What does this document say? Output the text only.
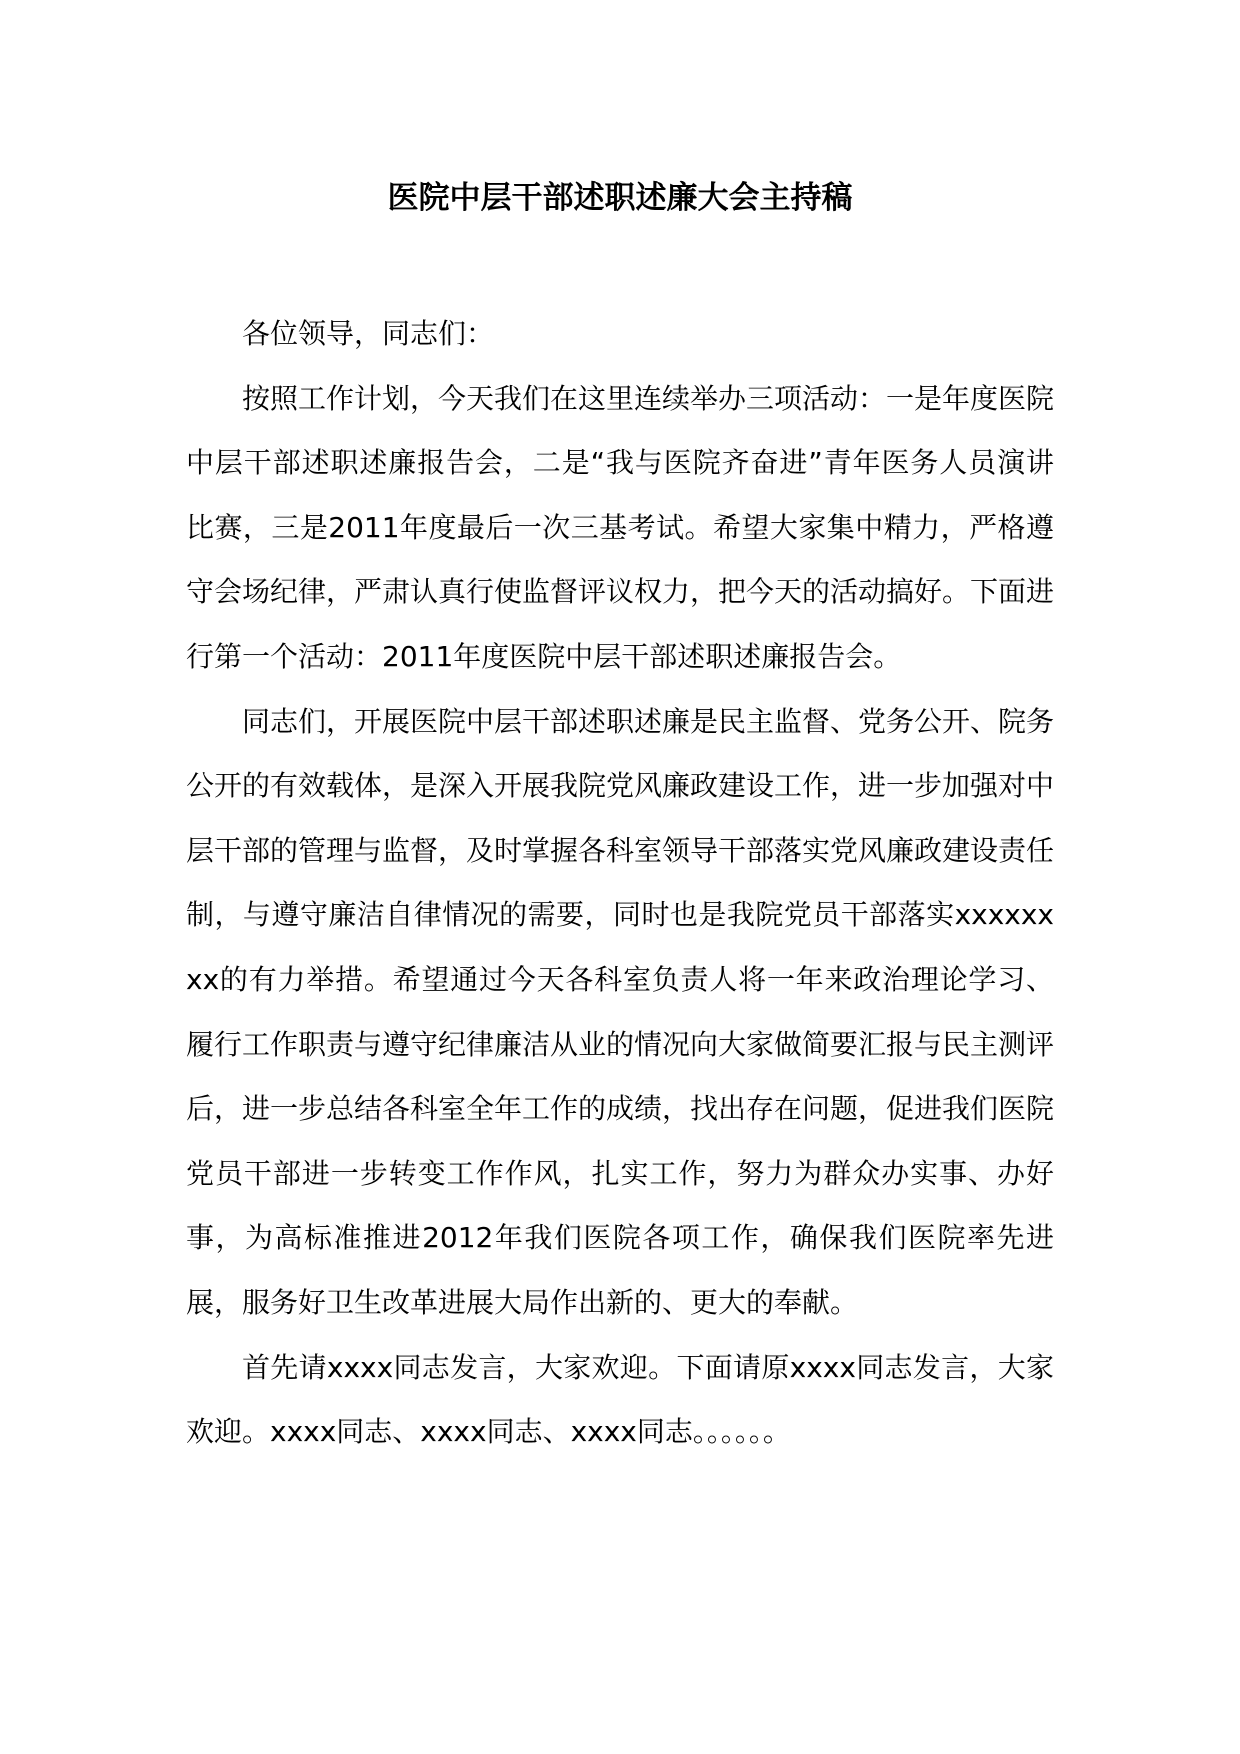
医院中层干部述职述廉大会主持稿

各位领导，同志们：

按照工作计划，今天我们在这里连续举办三项活动：一是年度医院中层干部述职述廉报告会，二是“我与医院齐奋进”青年医务人员演讲比赛，三是2011年度最后一次三基考试。希望大家集中精力，严格遵守会场纪律，严肃认真行使监督评议权力，把今天的活动搞好。下面进行第一个活动：2011年度医院中层干部述职述廉报告会。

同志们，开展医院中层干部述职述廉是民主监督、党务公开、院务公开的有效载体，是深入开展我院党风廉政建设工作，进一步加强对中层干部的管理与监督，及时掌握各科室领导干部落实党风廉政建设责任制，与遵守廉洁自律情况的需要，同时也是我院党员干部落实xxxxxxxx的有力举措。希望通过今天各科室负责人将一年来政治理论学习、履行工作职责与遵守纪律廉洁从业的情况向大家做简要汇报与民主测评后，进一步总结各科室全年工作的成绩，找出存在问题，促进我们医院党员干部进一步转变工作作风，扎实工作，努力为群众办实事、办好事，为高标准推进2012年我们医院各项工作，确保我们医院率先进展，服务好卫生改革进展大局作出新的、更大的奉献。

首先请xxxx同志发言，大家欢迎。下面请原xxxx同志发言，大家欢迎。xxxx同志、xxxx同志、xxxx同志。。。。。。
